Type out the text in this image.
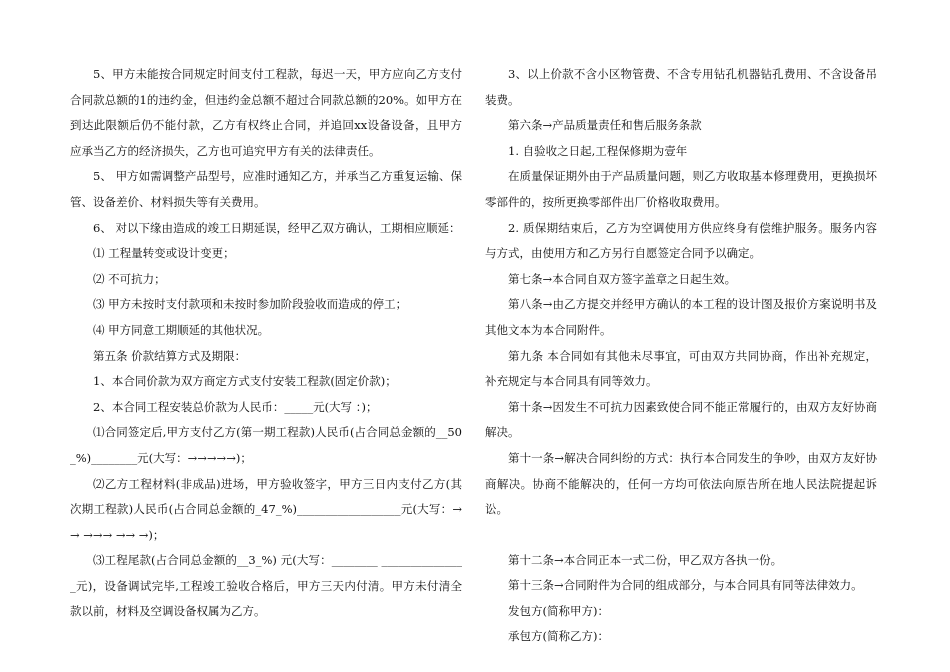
5、甲方未能按合同规定时间支付工程款，每迟一天，甲方应向乙方支付合同款总额的1的违约金，但违约金总额不超过合同款总额的20%。如甲方在到达此限额后仍不能付款，乙方有权终止合同，并追回xx设备设备，且甲方应承当乙方的经济损失，乙方也可追究甲方有关的法律责任。

5、 甲方如需调整产品型号，应准时通知乙方，并承当乙方重复运输、保管、设备差价、材料损失等有关费用。

6、 对以下缘由造成的竣工日期延误，经甲乙双方确认，工期相应顺延：

⑴ 工程量转变或设计变更；

⑵ 不可抗力；

⑶ 甲方未按时支付款项和未按时参加阶段验收而造成的停工；

⑷ 甲方同意工期顺延的其他状况。

第五条 价款结算方式及期限：

1、本合同价款为双方商定方式支付安装工程款(固定价款)；

2、本合同工程安装总价款为人民币：_____元(大写 ：)；

⑴合同签定后,甲方支付乙方(第一期工程款)人民币(占合同总金额的__50_%)________元(大写：→→→→→)；

⑵乙方工程材料(非成品)进场，甲方验收签字，甲方三日内支付乙方(其次期工程款)人民币(占合同总金额的_47_%)__________________元(大写：→→ →→→ →→ →)；

⑶工程尾款(占合同总金额的__3_%) 元(大写：________ _______________元)，设备调试完毕,工程竣工验收合格后，甲方三天内付清。甲方未付清全款以前，材料及空调设备权属为乙方。

3、以上价款不含小区物管费、不含专用钻孔机器钻孔费用、不含设备吊装费。

第六条→产品质量责任和售后服务条款

1. 自验收之日起,工程保修期为壹年

在质量保证期外由于产品质量问题，则乙方收取基本修理费用，更换损坏零部件的，按所更换零部件出厂价格收取费用。

2. 质保期结束后，乙方为空调使用方供应终身有偿维护服务。服务内容与方式，由使用方和乙方另行自愿签定合同予以确定。

第七条→本合同自双方签字盖章之日起生效。

第八条→由乙方提交并经甲方确认的本工程的设计图及报价方案说明书及其他文本为本合同附件。

第九条 本合同如有其他未尽事宜，可由双方共同协商，作出补充规定，补充规定与本合同具有同等效力。

第十条→因发生不可抗力因素致使合同不能正常履行的，由双方友好协商解决。

第十一条→解决合同纠纷的方式：执行本合同发生的争吵，由双方友好协商解决。协商不能解决的，任何一方均可依法向原告所在地人民法院提起诉讼。

第十二条→本合同正本一式二份，甲乙双方各执一份。

第十三条→合同附件为合同的组成部分，与本合同具有同等法律效力。

发包方(简称甲方)：

承包方(简称乙方)：
